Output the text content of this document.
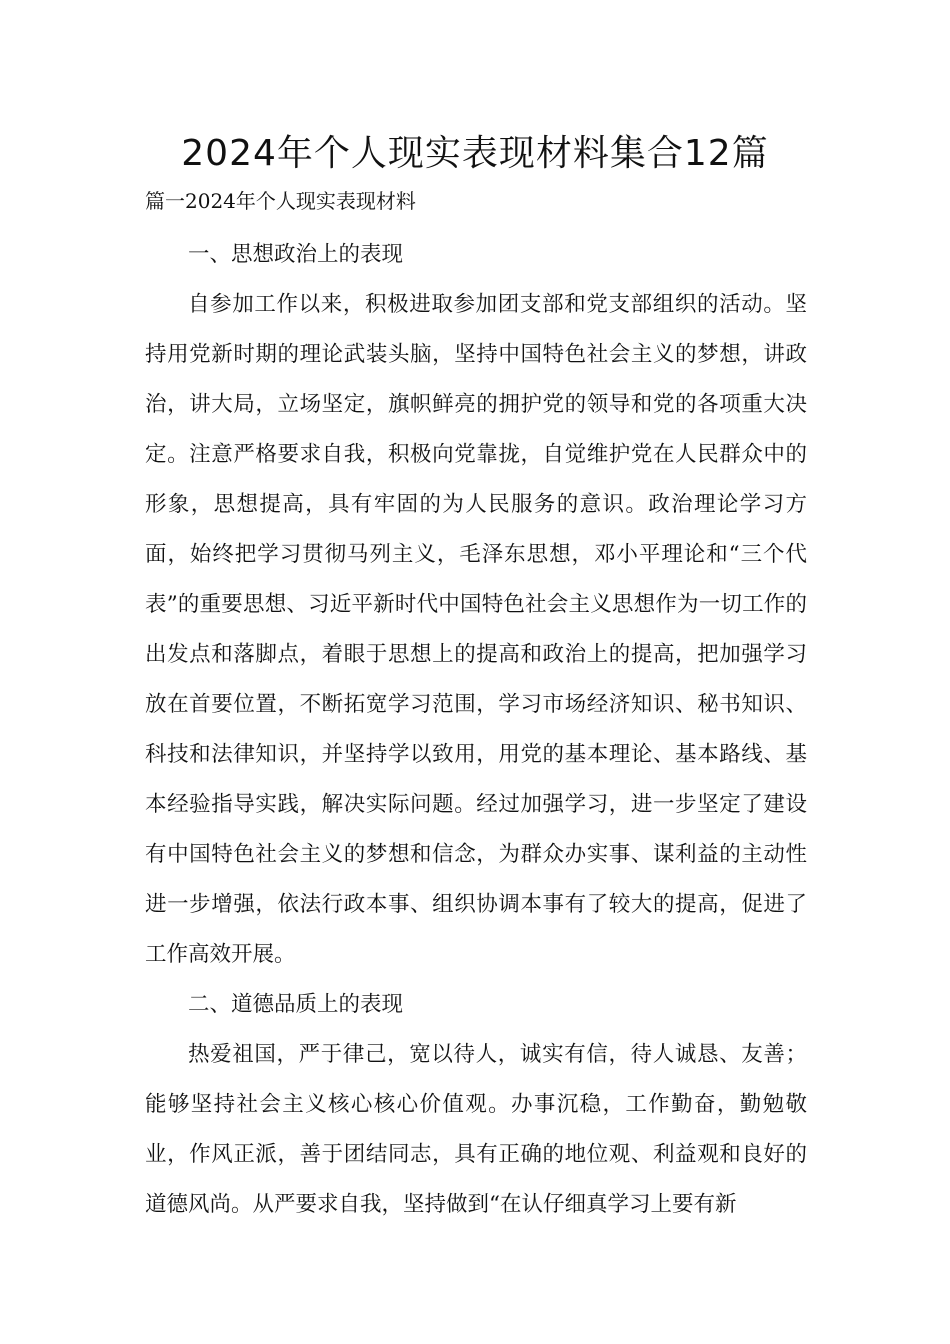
2024年个人现实表现材料集合12篇

篇一2024年个人现实表现材料

一、思想政治上的表现

自参加工作以来，积极进取参加团支部和党支部组织的活动。坚持用党新时期的理论武装头脑，坚持中国特色社会主义的梦想，讲政治，讲大局，立场坚定，旗帜鲜亮的拥护党的领导和党的各项重大决定。注意严格要求自我，积极向党靠拢，自觉维护党在人民群众中的形象，思想提高，具有牢固的为人民服务的意识。政治理论学习方面，始终把学习贯彻马列主义，毛泽东思想，邓小平理论和“三个代表”的重要思想、习近平新时代中国特色社会主义思想作为一切工作的出发点和落脚点，着眼于思想上的提高和政治上的提高，把加强学习放在首要位置，不断拓宽学习范围，学习市场经济知识、秘书知识、科技和法律知识，并坚持学以致用，用党的基本理论、基本路线、基本经验指导实践，解决实际问题。经过加强学习，进一步坚定了建设有中国特色社会主义的梦想和信念，为群众办实事、谋利益的主动性进一步增强，依法行政本事、组织协调本事有了较大的提高，促进了工作高效开展。

二、道德品质上的表现

热爱祖国，严于律己，宽以待人，诚实有信，待人诚恳、友善；能够坚持社会主义核心核心价值观。办事沉稳，工作勤奋，勤勉敬业，作风正派，善于团结同志，具有正确的地位观、利益观和良好的道德风尚。从严要求自我，坚持做到“在认仔细真学习上要有新
